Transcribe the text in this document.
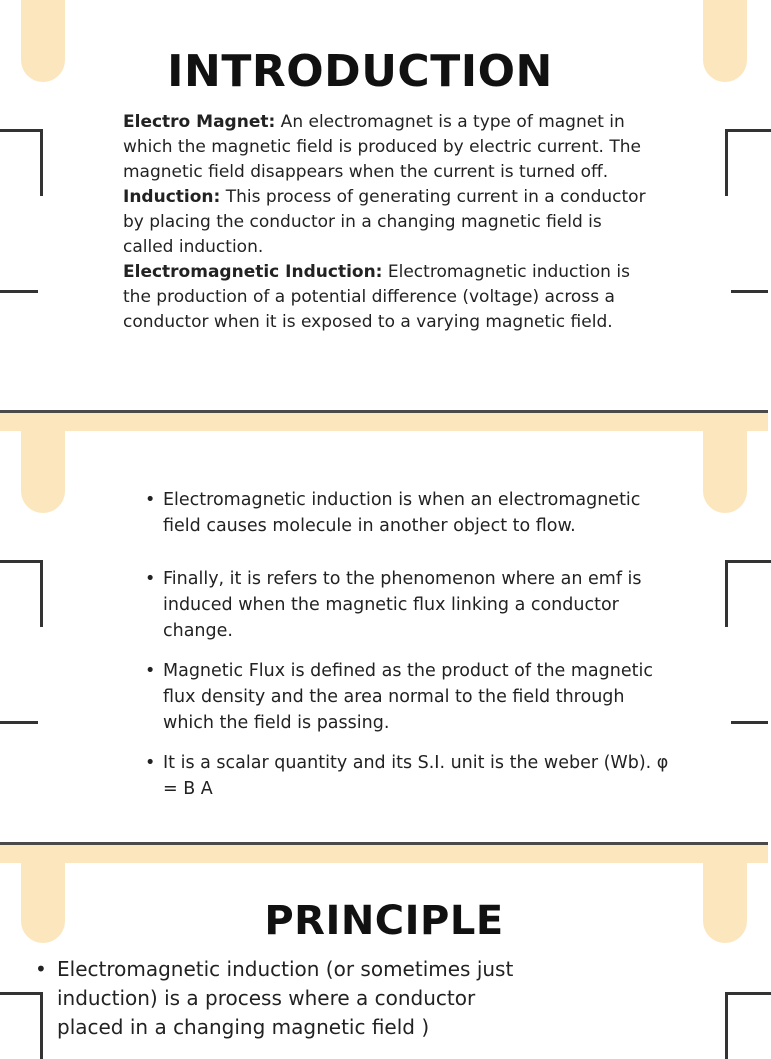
INTRODUCTION

Electro Magnet: An electromagnet is a type of magnet in which the magnetic field is produced by electric current. The magnetic field disappears when the current is turned off.

Induction: This process of generating current in a conductor by placing the conductor in a changing magnetic field is called induction.

Electromagnetic Induction: Electromagnetic induction is the production of a potential difference (voltage) across a conductor when it is exposed to a varying magnetic field.

• Electromagnetic induction is when an electromagnetic field causes molecule in another object to flow.
• Finally, it is refers to the phenomenon where an emf is induced when the magnetic flux linking a conductor change.
• Magnetic Flux is defined as the product of the magnetic flux density and the area normal to the field through which the field is passing.
• It is a scalar quantity and its S.I. unit is the weber (Wb). φ = B A
PRINCIPLE
• Electromagnetic induction (or sometimes just induction) is a process where a conductor placed in a changing magnetic field )
